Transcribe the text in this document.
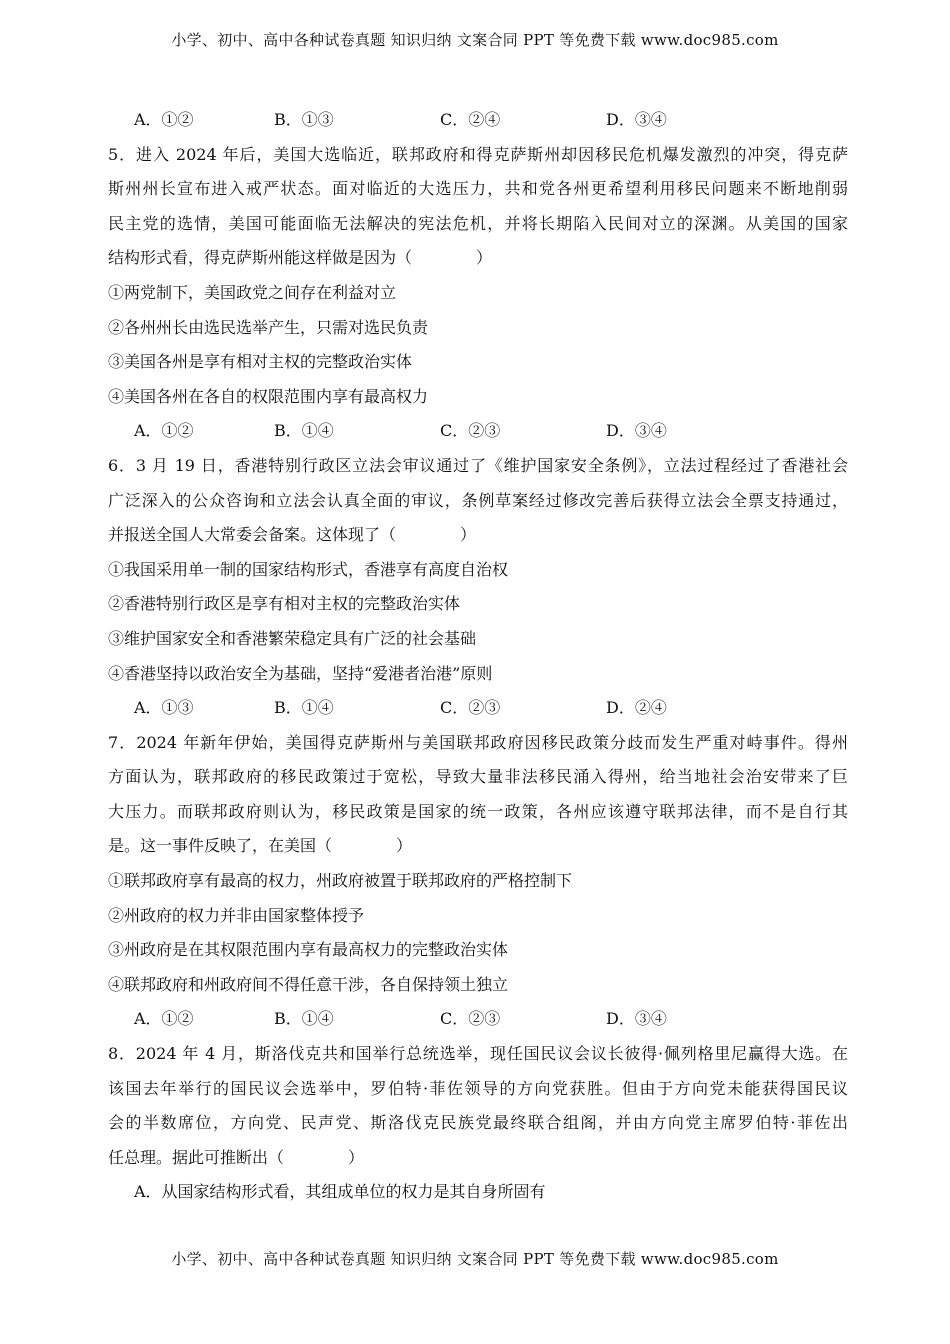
小学、初中、高中各种试卷真题 知识归纳 文案合同 PPT 等免费下载 www.doc985.com
A．①②	B．①③	C．②④	D．③④
5．进入 2024 年后，美国大选临近，联邦政府和得克萨斯州却因移民危机爆发激烈的冲突，得克萨
斯州州长宣布进入戒严状态。面对临近的大选压力，共和党各州更希望利用移民问题来不断地削弱
民主党的选情，美国可能面临无法解决的宪法危机，并将长期陷入民间对立的深渊。从美国的国家
结构形式看，得克萨斯州能这样做是因为（　　　　）
①两党制下，美国政党之间存在利益对立
②各州州长由选民选举产生，只需对选民负责
③美国各州是享有相对主权的完整政治实体
④美国各州在各自的权限范围内享有最高权力
A．①②	B．①④	C．②③	D．③④
6．3 月 19 日，香港特别行政区立法会审议通过了《维护国家安全条例》，立法过程经过了香港社会
广泛深入的公众咨询和立法会认真全面的审议，条例草案经过修改完善后获得立法会全票支持通过，
并报送全国人大常委会备案。这体现了（　　　　）
①我国采用单一制的国家结构形式，香港享有高度自治权
②香港特别行政区是享有相对主权的完整政治实体
③维护国家安全和香港繁荣稳定具有广泛的社会基础
④香港坚持以政治安全为基础，坚持“爱港者治港”原则
A．①③	B．①④	C．②③	D．②④
7．2024 年新年伊始，美国得克萨斯州与美国联邦政府因移民政策分歧而发生严重对峙事件。得州
方面认为，联邦政府的移民政策过于宽松，导致大量非法移民涌入得州，给当地社会治安带来了巨
大压力。而联邦政府则认为，移民政策是国家的统一政策，各州应该遵守联邦法律，而不是自行其
是。这一事件反映了，在美国（　　　　）
①联邦政府享有最高的权力，州政府被置于联邦政府的严格控制下
②州政府的权力并非由国家整体授予
③州政府是在其权限范围内享有最高权力的完整政治实体
④联邦政府和州政府间不得任意干涉，各自保持领土独立
A．①②	B．①④	C．②③	D．③④
8．2024 年 4 月，斯洛伐克共和国举行总统选举，现任国民议会议长彼得·佩列格里尼赢得大选。在
该国去年举行的国民议会选举中，罗伯特·菲佐领导的方向党获胜。但由于方向党未能获得国民议
会的半数席位，方向党、民声党、斯洛伐克民族党最终联合组阁，并由方向党主席罗伯特·菲佐出
任总理。据此可推断出（　　　　）
A．从国家结构形式看，其组成单位的权力是其自身所固有
小学、初中、高中各种试卷真题 知识归纳 文案合同 PPT 等免费下载 www.doc985.com
